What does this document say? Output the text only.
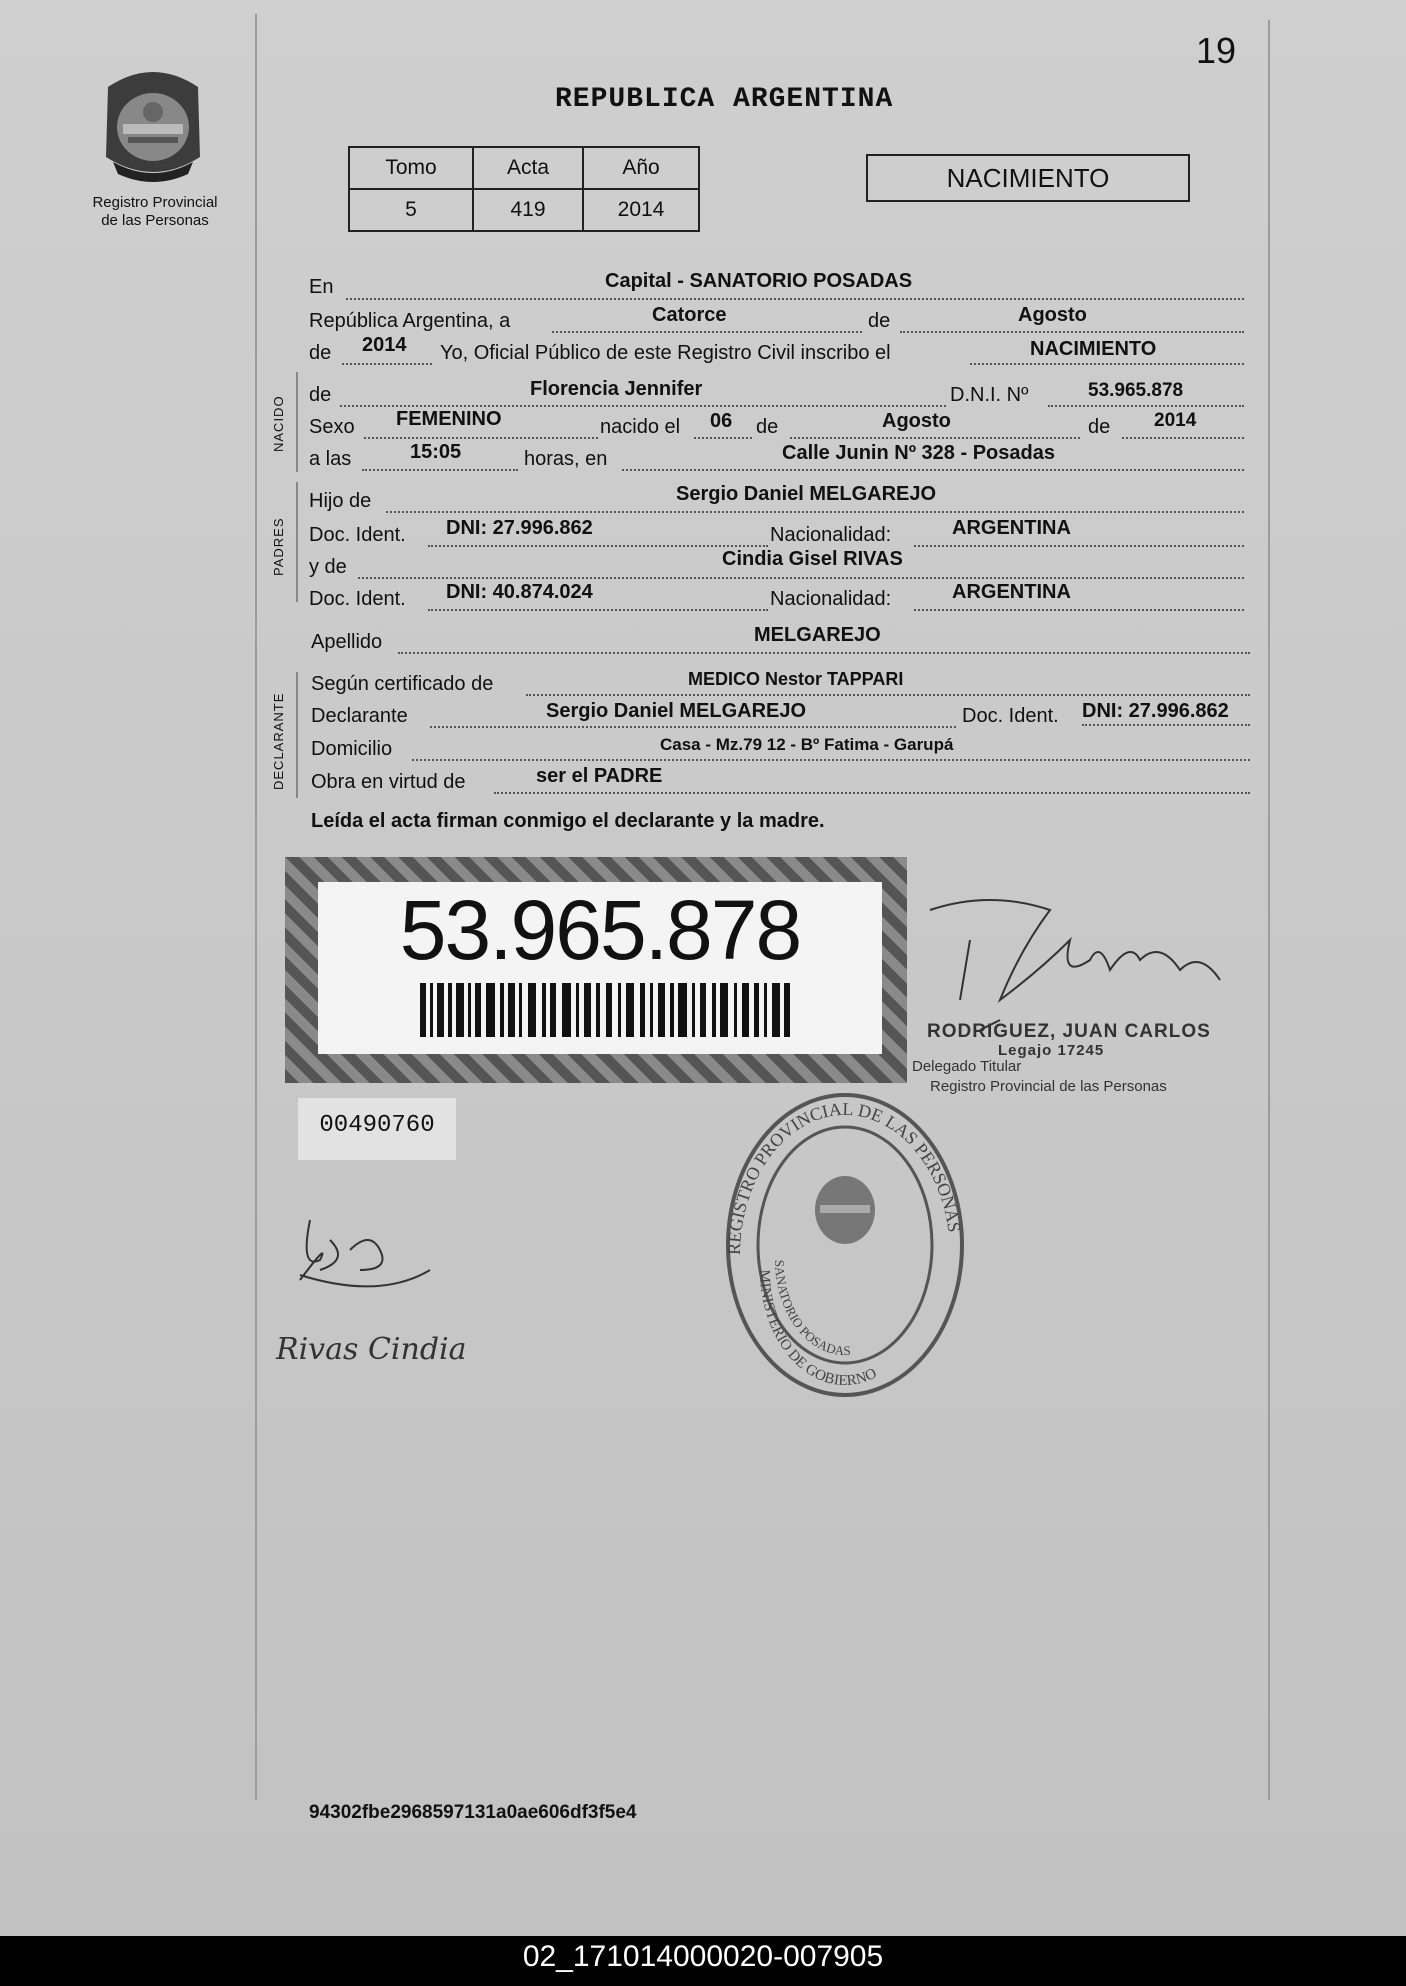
19
REPUBLICA ARGENTINA
Registro Provincial
de las Personas
Tomo	Acta	Año
5	419	2014
NACIMIENTO
En	Capital - SANATORIO POSADAS
República Argentina, a	Catorce	de	Agosto
de 2014 Yo, Oficial Público de este Registro Civil inscribo el	NACIMIENTO
NACIDO
de	Florencia Jennifer	D.N.I. Nº	53.965.878
Sexo FEMENINO	nacido el 06 de	Agosto	de 2014
a las	15:05	horas, en	Calle Junin Nº 328 - Posadas
PADRES
Hijo de	Sergio Daniel MELGAREJO
Doc. Ident. DNI: 27.996.862	Nacionalidad:	ARGENTINA
y de	Cindia Gisel RIVAS
Doc. Ident. DNI: 40.874.024	Nacionalidad:	ARGENTINA
Apellido	MELGAREJO
DECLARANTE
Según certificado de	MEDICO Nestor TAPPARI
Declarante	Sergio Daniel MELGAREJO	Doc. Ident. DNI: 27.996.862
Domicilio	Casa - Mz.79 12 - Bº Fatima - Garupá
Obra en virtud de	ser el PADRE
Leída el acta firman conmigo el declarante y la madre.
53.965.878
00490760
RODRIGUEZ, JUAN CARLOS
Legajo 17245
Delegado Titular
Registro Provincial de las Personas
REGISTRO PROVINCIAL DE LAS PERSONAS
MINISTERIO DE GOBIERNO
SANATORIO POSADAS
Rivas Cindia
94302fbe2968597131a0ae606df3f5e4
02_171014000020-007905
